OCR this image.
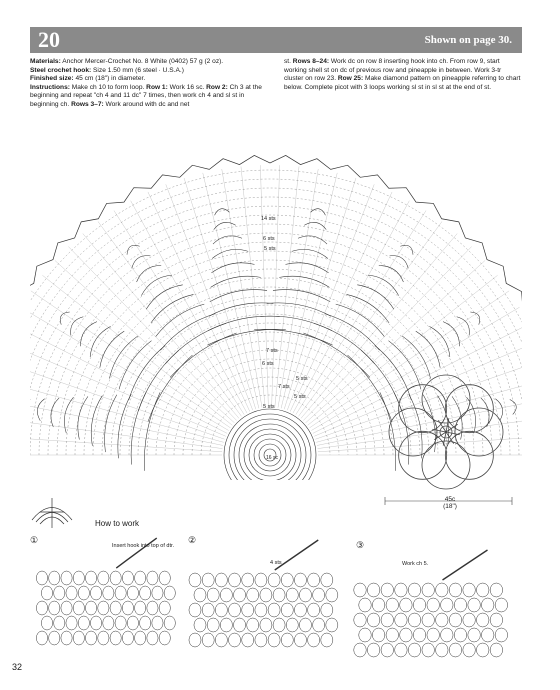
20	Shown on page 30.

Materials: Anchor Mercer-Crochet No. 8 White (0402) 57 g (2 oz).

Steel crochet hook: Size 1.50 mm (6 steel · U.S.A.)

Finished size: 45 cm (18") in diameter.

Instructions: Make ch 10 to form loop. Row 1: Work 16 sc. Row 2: Ch 3 at the beginning and repeat "ch 4 and 11 dc" 7 times, then work ch 4 and sl st in beginning ch. Rows 3–7: Work around with dc and net

st. Rows 8–24: Work dc on row 8 inserting hook into ch. From row 9, start working shell st on dc of previous row and pineapple in between. Work 3-tr cluster on row 23. Row 25: Make diamond pattern on pineapple referring to chart below. Complete picot with 3 loops working sl st in sl st at the end of st.

14 sts
6 sts
5 sts
7 sts
6 sts
5 sts
7 sts
5 sts
5 sts
16 sc
45c
(18")
How to work
①
Insert hook into top of dtr.
②
4 sts
③
Work ch 5.
32
